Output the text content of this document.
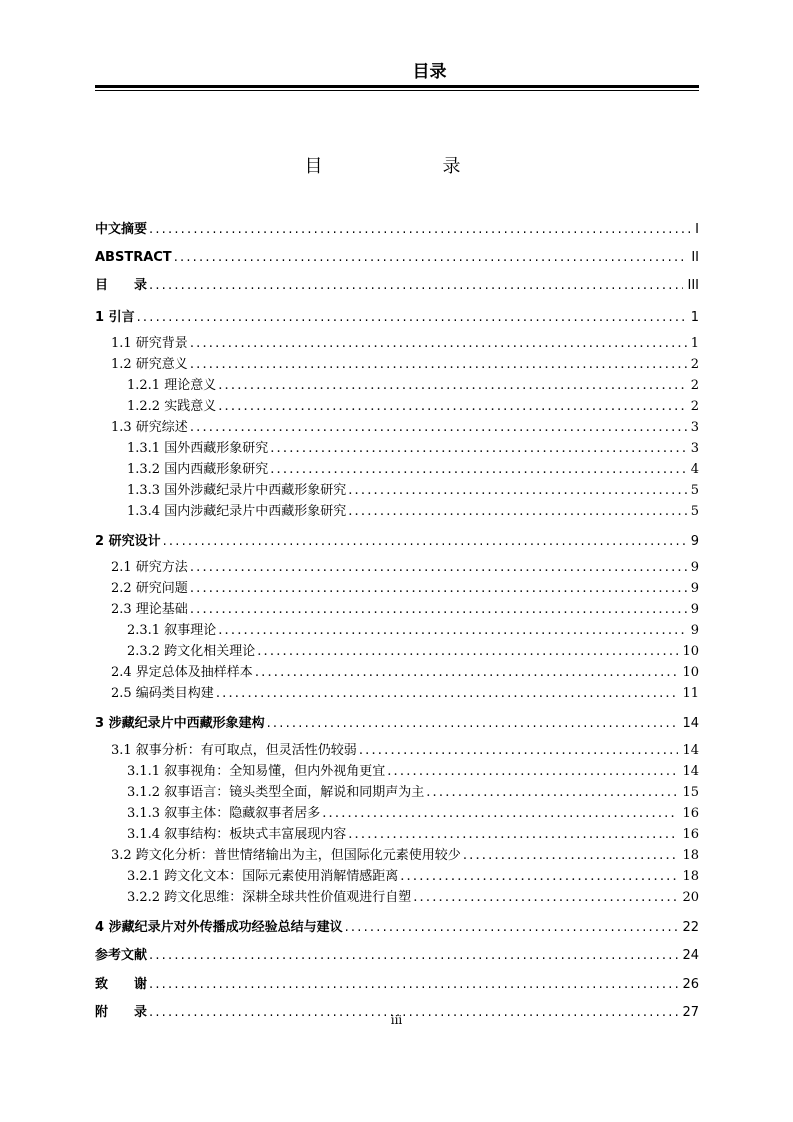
目录
目　　录
中文摘要 .....	I
ABSTRACT .....	II
目　　录 .....	III
1 引言 .....	1
1.1 研究背景 .....	1
1.2 研究意义 .....	2
1.2.1 理论意义 .....	2
1.2.2 实践意义 .....	2
1.3 研究综述 .....	3
1.3.1 国外西藏形象研究 .....	3
1.3.2 国内西藏形象研究 .....	4
1.3.3 国外涉藏纪录片中西藏形象研究 .....	5
1.3.4 国内涉藏纪录片中西藏形象研究 .....	5
2 研究设计 .....	9
2.1 研究方法 .....	9
2.2 研究问题 .....	9
2.3 理论基础 .....	9
2.3.1 叙事理论 .....	9
2.3.2 跨文化相关理论 .....	10
2.4 界定总体及抽样样本 .....	10
2.5 编码类目构建 .....	11
3 涉藏纪录片中西藏形象建构 .....	14
3.1 叙事分析：有可取点，但灵活性仍较弱 .....	14
3.1.1 叙事视角：全知易懂，但内外视角更宜 .....	14
3.1.2 叙事语言：镜头类型全面，解说和同期声为主 .....	15
3.1.3 叙事主体：隐藏叙事者居多 .....	16
3.1.4 叙事结构：板块式丰富展现内容 .....	16
3.2 跨文化分析：普世情绪输出为主，但国际化元素使用较少 .....	18
3.2.1 跨文化文本：国际元素使用消解情感距离 .....	18
3.2.2 跨文化思维：深耕全球共性价值观进行自塑 .....	20
4 涉藏纪录片对外传播成功经验总结与建议 .....	22
参考文献 .....	24
致　　谢 .....	26
附　　录 .....	27
iii
